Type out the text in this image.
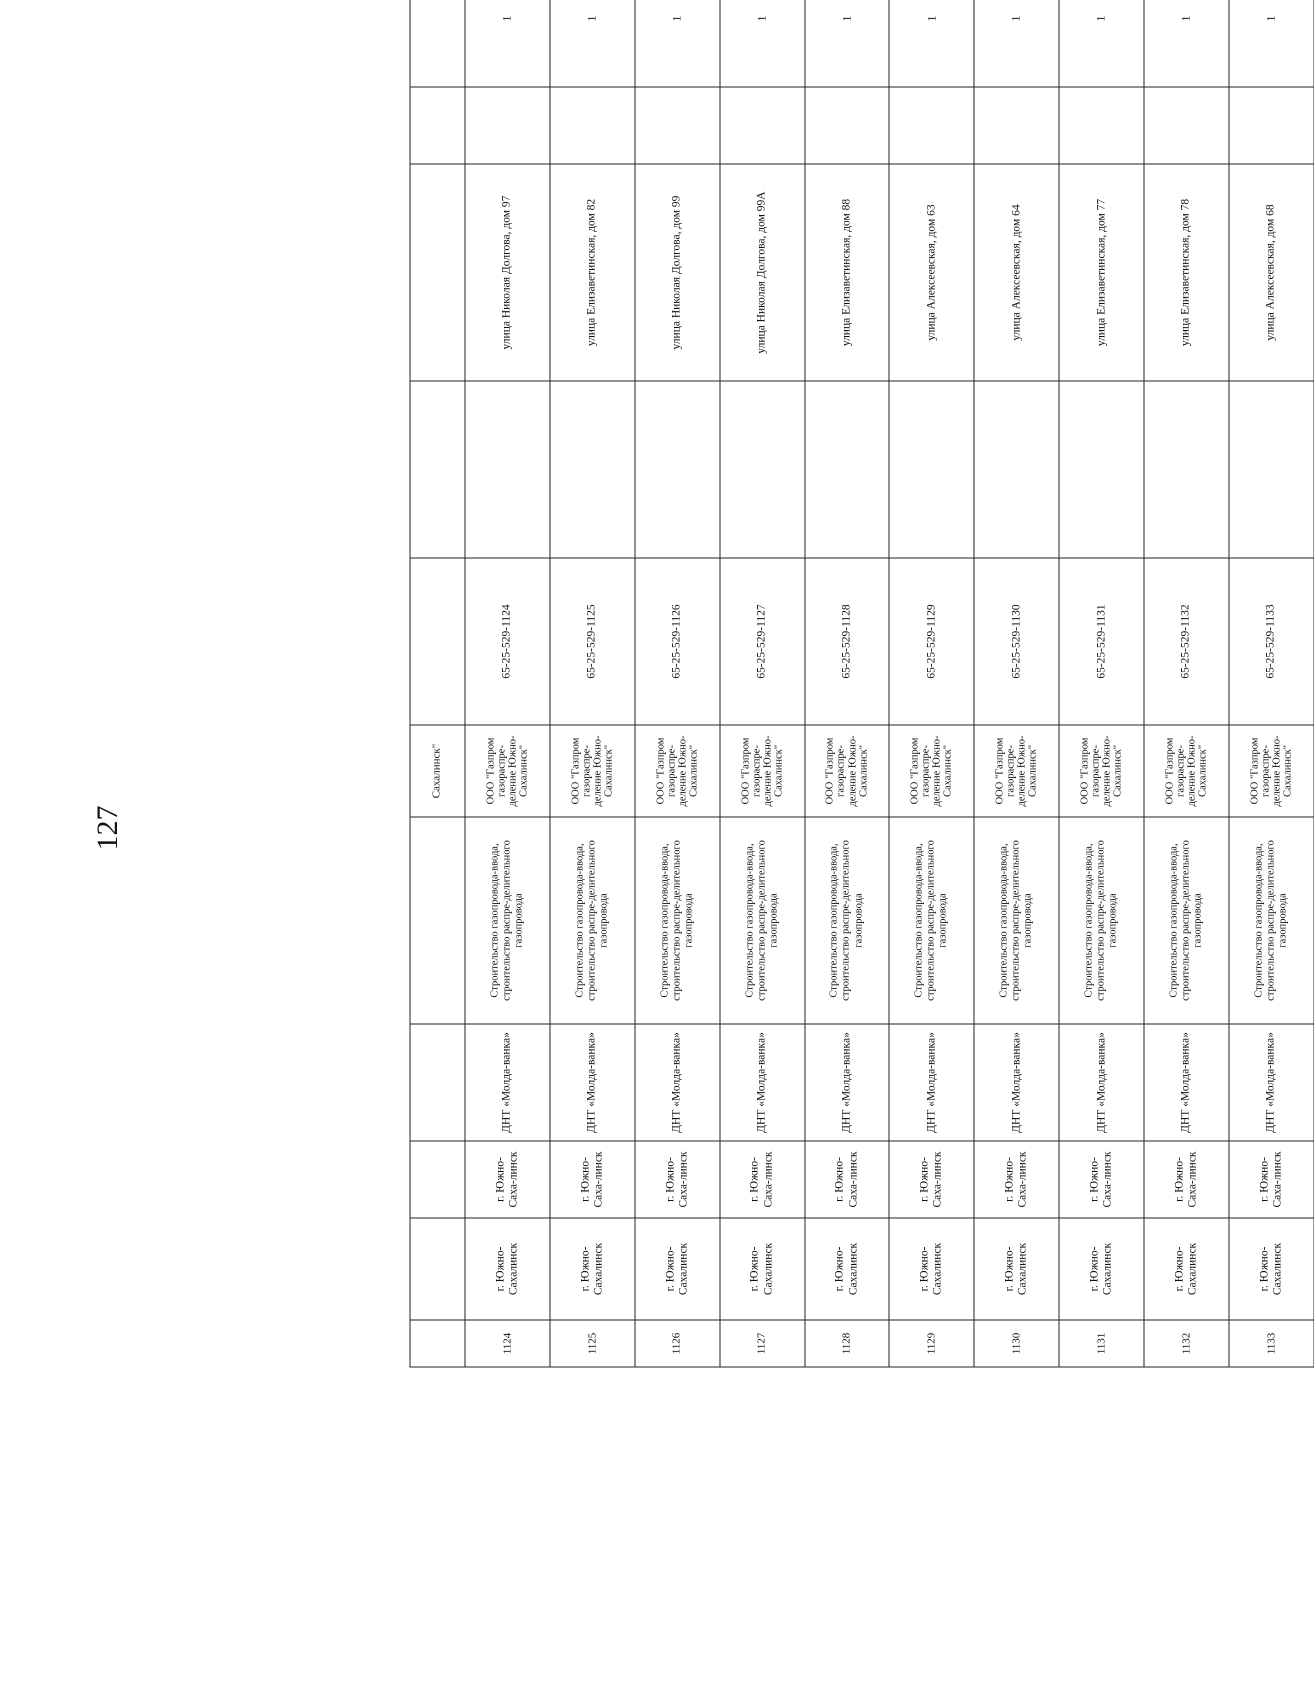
127
					Сахалинск"							
1124	г. Южно-Сахалинск	г. Южно-Саха-линск	ДНТ «Молда-ванка»	Строительство газопровода-ввода, строительство распре-делительного газопровода	ООО "Газпром газораспре-деление Южно-Сахалинск"	65-25-529-1124		улица Николая Долгова, дом 97		1		
1125	г. Южно-Сахалинск	г. Южно-Саха-линск	ДНТ «Молда-ванка»	Строительство газопровода-ввода, строительство распре-делительного газопровода	ООО "Газпром газораспре-деление Южно-Сахалинск"	65-25-529-1125		улица Елизаветинская, дом 82		1		
1126	г. Южно-Сахалинск	г. Южно-Саха-линск	ДНТ «Молда-ванка»	Строительство газопровода-ввода, строительство распре-делительного газопровода	ООО "Газпром газораспре-деление Южно-Сахалинск"	65-25-529-1126		улица Николая Долгова, дом 99		1		
1127	г. Южно-Сахалинск	г. Южно-Саха-линск	ДНТ «Молда-ванка»	Строительство газопровода-ввода, строительство распре-делительного газопровода	ООО "Газпром газораспре-деление Южно-Сахалинск"	65-25-529-1127		улица Николая Долгова, дом 99А		1		
1128	г. Южно-Сахалинск	г. Южно-Саха-линск	ДНТ «Молда-ванка»	Строительство газопровода-ввода, строительство распре-делительного газопровода	ООО "Газпром газораспре-деление Южно-Сахалинск"	65-25-529-1128		улица Елизаветинская, дом 88		1		
1129	г. Южно-Сахалинск	г. Южно-Саха-линск	ДНТ «Молда-ванка»	Строительство газопровода-ввода, строительство распре-делительного газопровода	ООО "Газпром газораспре-деление Южно-Сахалинск"	65-25-529-1129		улица Алексеевская, дом 63		1		
1130	г. Южно-Сахалинск	г. Южно-Саха-линск	ДНТ «Молда-ванка»	Строительство газопровода-ввода, строительство распре-делительного газопровода	ООО "Газпром газораспре-деление Южно-Сахалинск"	65-25-529-1130		улица Алексеевская, дом 64		1		
1131	г. Южно-Сахалинск	г. Южно-Саха-линск	ДНТ «Молда-ванка»	Строительство газопровода-ввода, строительство распре-делительного газопровода	ООО "Газпром газораспре-деление Южно-Сахалинск"	65-25-529-1131		улица Елизаветинская, дом 77		1		
1132	г. Южно-Сахалинск	г. Южно-Саха-линск	ДНТ «Молда-ванка»	Строительство газопровода-ввода, строительство распре-делительного газопровода	ООО "Газпром газораспре-деление Южно-Сахалинск"	65-25-529-1132		улица Елизаветинская, дом 78		1		
1133	г. Южно-Сахалинск	г. Южно-Саха-линск	ДНТ «Молда-ванка»	Строительство газопровода-ввода, строительство распре-делительного газопровода	ООО "Газпром газораспре-деление Южно-Сахалинск"	65-25-529-1133		улица Алексеевская, дом 68		1		
